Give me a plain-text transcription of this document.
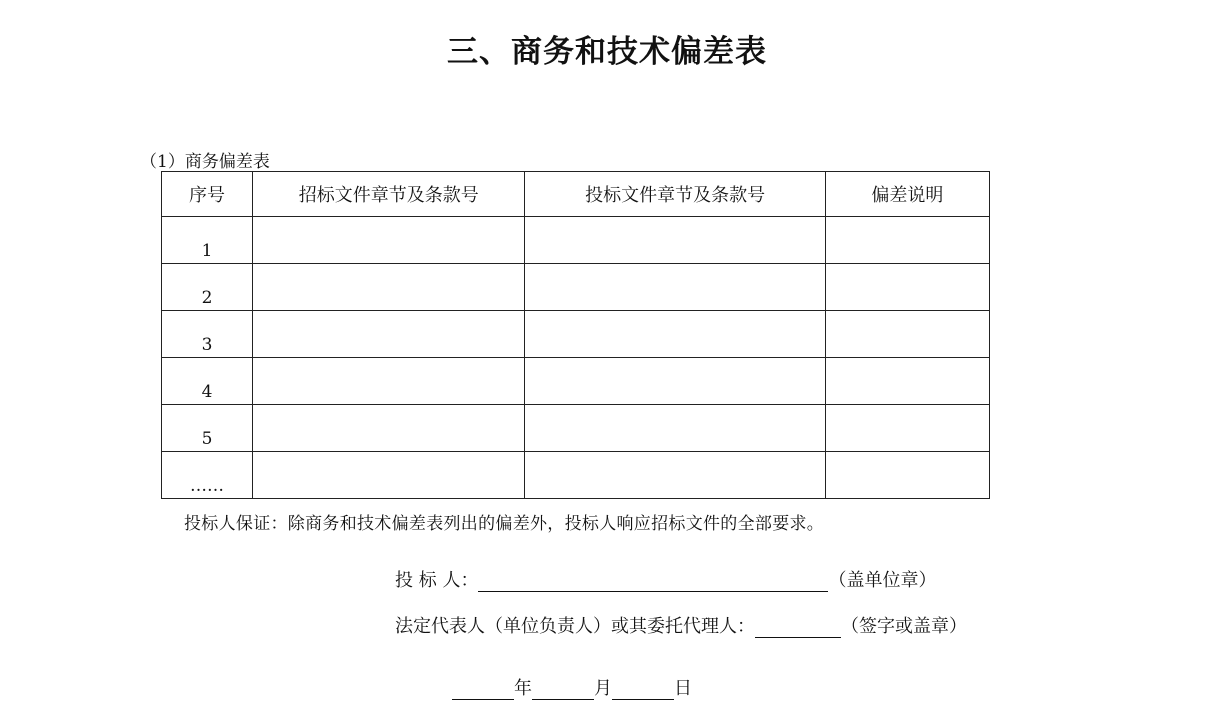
三、商务和技术偏差表
（1）商务偏差表
序号	招标文件章节及条款号	投标文件章节及条款号	偏差说明
1			
2			
3			
4			
5			
……			
投标人保证：除商务和技术偏差表列出的偏差外，投标人响应招标文件的全部要求。
投 标 人：	（盖单位章）
法定代表人（单位负责人）或其委托代理人：	（签字或盖章）
年	月	日
